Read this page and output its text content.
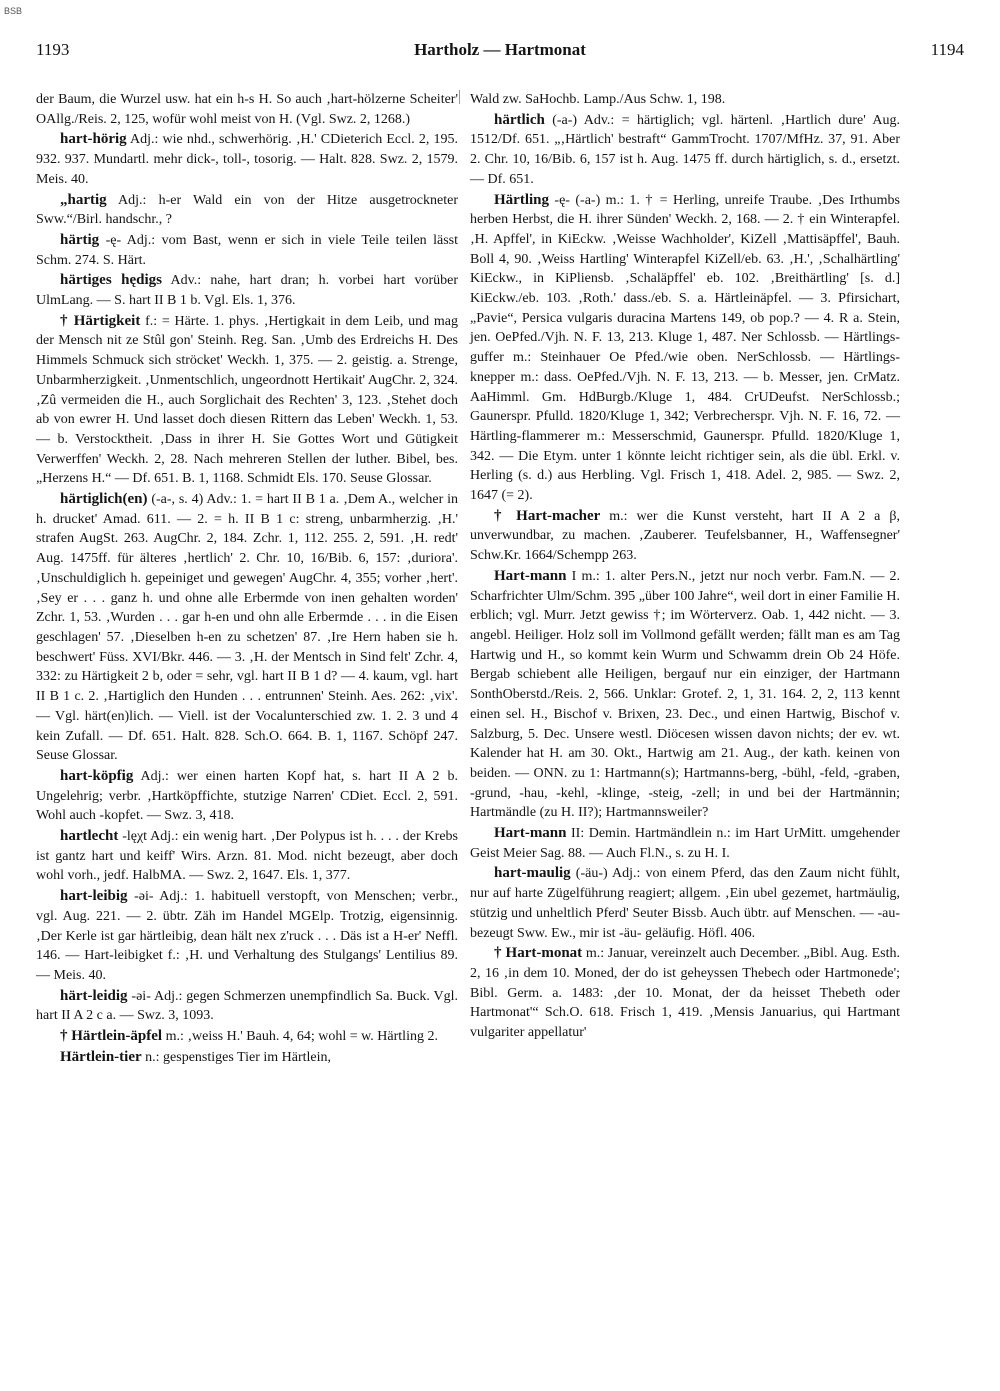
BSB
1193	Hartholz — Hartmonat	1194

der Baum, die Wurzel usw. hat ein h-s H. So auch ‚hart-hölzerne Scheiter' OAllg./Reis. 2, 125, wofür wohl meist von H. (Vgl. Swz. 2, 1268.)

hart-hörig Adj.: wie nhd., schwerhörig. ‚H.' CDieterich Eccl. 2, 195. 932. 937. Mundartl. mehr dick-, toll-, tosorig. — Halt. 828. Swz. 2, 1579. Meis. 40.

„hartig Adj.: h-er Wald ein von der Hitze ausgetrockneter Sww.“/Birl. handschr., ?

härtig -ę- Adj.: vom Bast, wenn er sich in viele Teile teilen lässt Schm. 274. S. Härt.

härtiges hędigs Adv.: nahe, hart dran; h. vorbei hart vorüber UlmLang. — S. hart II B 1 b. Vgl. Els. 1, 376.

† Härtigkeit f.: = Härte. 1. phys. ‚Hertigkait in dem Leib, und mag der Mensch nit ze Stûl gon' Steinh. Reg. San. ‚Umb des Erdreichs H. Des Himmels Schmuck sich ströcket' Weckh. 1, 375. — 2. geistig. a. Strenge, Unbarmherzigkeit. ‚Unmentschlich, ungeordnott Hertikait' AugChr. 2, 324. ‚Zû vermeiden die H., auch Sorglichait des Rechten' 3, 123. ‚Stehet doch ab von ewrer H. Und lasset doch diesen Rittern das Leben' Weckh. 1, 53. — b. Verstocktheit. ‚Dass in ihrer H. Sie Gottes Wort und Gütigkeit Verwerffen' Weckh. 2, 28. Nach mehreren Stellen der luther. Bibel, bes. „Herzens H.“ — Df. 651. B. 1, 1168. Schmidt Els. 170. Seuse Glossar.

härtiglich(en) (-a-, s. 4) Adv.: 1. = hart II B 1 a. ‚Dem A., welcher in h. drucket' Amad. 611. — 2. = h. II B 1 c: streng, unbarmherzig. ‚H.' strafen AugSt. 263. AugChr. 2, 184. Zchr. 1, 112. 255. 2, 591. ‚H. redt' Aug. 1475ff. für älteres ‚hertlich' 2. Chr. 10, 16/Bib. 6, 157: ‚duriora'. ‚Unschuldiglich h. gepeiniget und gewegen' AugChr. 4, 355; vorher ‚hert'. ‚Sey er . . . ganz h. und ohne alle Erbermde von inen gehalten worden' Zchr. 1, 53. ‚Wurden . . . gar h-en und ohn alle Erbermde . . . in die Eisen geschlagen' 57. ‚Dieselben h-en zu schetzen' 87. ‚Ire Hern haben sie h. beschwert' Füss. XVI/Bkr. 446. — 3. ‚H. der Mentsch in Sind felt' Zchr. 4, 332: zu Härtigkeit 2 b, oder = sehr, vgl. hart II B 1 d? — 4. kaum, vgl. hart II B 1 c. 2. ‚Hartiglich den Hunden . . . entrunnen' Steinh. Aes. 262: ‚vix'. — Vgl. härt(en)lich. — Viell. ist der Vocalunterschied zw. 1. 2. 3 und 4 kein Zufall. — Df. 651. Halt. 828. Sch.O. 664. B. 1, 1167. Schöpf 247. Seuse Glossar.

hart-köpfig Adj.: wer einen harten Kopf hat, s. hart II A 2 b. Ungelehrig; verbr. ‚Hartköpffichte, stutzige Narren' CDiet. Eccl. 2, 591. Wohl auch -kopfet. — Swz. 3, 418.

hartlecht -lęχt Adj.: ein wenig hart. ‚Der Polypus ist h. . . . der Krebs ist gantz hart und keiff' Wirs. Arzn. 81. Mod. nicht bezeugt, aber doch wohl vorh., jedf. HalbMA. — Swz. 2, 1647. Els. 1, 377.

hart-leibig -əi- Adj.: 1. habituell verstopft, von Menschen; verbr., vgl. Aug. 221. — 2. übtr. Zäh im Handel MGElp. Trotzig, eigensinnig. ‚Der Kerle ist gar härtleibig, dean hält nex z'ruck . . . Däs ist a H-er' Neffl. 146. — Hart-leibigket f.: ‚H. und Verhaltung des Stulgangs' Lentilius 89. — Meis. 40.

härt-leidig -əi- Adj.: gegen Schmerzen unempfindlich Sa. Buck. Vgl. hart II A 2 c a. — Swz. 3, 1093.

† Härtlein-äpfel m.: ‚weiss H.' Bauh. 4, 64; wohl = w. Härtling 2.

Härtlein-tier n.: gespenstiges Tier im Härtlein,

Wald zw. SaHochb. Lamp./Aus Schw. 1, 198.

härtlich (-a-) Adv.: = härtiglich; vgl. härtenl. ‚Hartlich dure' Aug. 1512/Df. 651. „‚Härtlich' bestraft“ GammTrocht. 1707/MfHz. 37, 91. Aber 2. Chr. 10, 16/Bib. 6, 157 ist h. Aug. 1475 ff. durch härtiglich, s. d., ersetzt. — Df. 651.

Härtling -ę- (-a-) m.: 1. † = Herling, unreife Traube. ‚Des Irthumbs herben Herbst, die H. ihrer Sünden' Weckh. 2, 168. — 2. † ein Winterapfel. ‚H. Apffel', in KiEckw. ‚Weisse Wachholder', KiZell ‚Mattisäpffel', Bauh. Boll 4, 90. ‚Weiss Hartling' Winterapfel KiZell/eb. 63. ‚H.', ‚Schalhärtling' KiEckw., in KiPliensb. ‚Schaläpffel' eb. 102. ‚Breithärtling' [s. d.] KiEckw./eb. 103. ‚Roth.' dass./eb. S. a. Härtleinäpfel. — 3. Pfirsichart, „Pavie“, Persica vulgaris duracina Martens 149, ob pop.? — 4. R a. Stein, jen. OePfed./Vjh. N. F. 13, 213. Kluge 1, 487. Ner Schlossb. — Härtlings-guffer m.: Steinhauer Oe Pfed./wie oben. NerSchlossb. — Härtlings-knepper m.: dass. OePfed./Vjh. N. F. 13, 213. — b. Messer, jen. CrMatz. AaHimml. Gm. HdBurgb./Kluge 1, 484. CrUDeufst. NerSchlossb.; Gaunerspr. Pfulld. 1820/Kluge 1, 342; Verbrecherspr. Vjh. N. F. 16, 72. — Härtling-flammerer m.: Messerschmid, Gaunerspr. Pfulld. 1820/Kluge 1, 342. — Die Etym. unter 1 könnte leicht richtiger sein, als die übl. Erkl. v. Herling (s. d.) aus Herbling. Vgl. Frisch 1, 418. Adel. 2, 985. — Swz. 2, 1647 (= 2).

† Hart-macher m.: wer die Kunst versteht, hart II A 2 a β, unverwundbar, zu machen. ‚Zauberer. Teufelsbanner, H., Waffensegner' Schw.Kr. 1664/Schempp 263.

Hart-mann I m.: 1. alter Pers.N., jetzt nur noch verbr. Fam.N. — 2. Scharfrichter Ulm/Schm. 395 „über 100 Jahre“, weil dort in einer Familie H. erblich; vgl. Murr. Jetzt gewiss †; im Wörterverz. Oab. 1, 442 nicht. — 3. angebl. Heiliger. Holz soll im Vollmond gefällt werden; fällt man es am Tag Hartwig und H., so kommt kein Wurm und Schwamm drein Ob 24 Höfe. Bergab schiebent alle Heiligen, bergauf nur ein einziger, der Hartmann SonthOberstd./Reis. 2, 566. Unklar: Grotef. 2, 1, 31. 164. 2, 2, 113 kennt einen sel. H., Bischof v. Brixen, 23. Dec., und einen Hartwig, Bischof v. Salzburg, 5. Dec. Unsere westl. Diöcesen wissen davon nichts; der ev. wt. Kalender hat H. am 30. Okt., Hartwig am 21. Aug., der kath. keinen von beiden. — ONN. zu 1: Hartmann(s); Hartmanns-berg, -bühl, -feld, -graben, -grund, -hau, -kehl, -klinge, -steig, -zell; in und bei der Hartmännin; Hartmändle (zu H. II?); Hartmannsweiler?

Hart-mann II: Demin. Hartmändlein n.: im Hart UrMitt. umgehender Geist Meier Sag. 88. — Auch Fl.N., s. zu H. I.

hart-maulig (-äu-) Adj.: von einem Pferd, das den Zaum nicht fühlt, nur auf harte Zügelführung reagiert; allgem. ‚Ein ubel gezemet, hartmäulig, stützig und unheltlich Pferd' Seuter Bissb. Auch übtr. auf Menschen. — -au- bezeugt Sww. Ew., mir ist -äu- geläufig. Höfl. 406.

† Hart-monat m.: Januar, vereinzelt auch December. „Bibl. Aug. Esth. 2, 16 ‚in dem 10. Moned, der do ist geheyssen Thebech oder Hartmonede'; Bibl. Germ. a. 1483: ‚der 10. Monat, der da heisset Thebeth oder Hartmonat'“ Sch.O. 618. Frisch 1, 419. ‚Mensis Januarius, qui Hartmant vulgariter appellatur'
